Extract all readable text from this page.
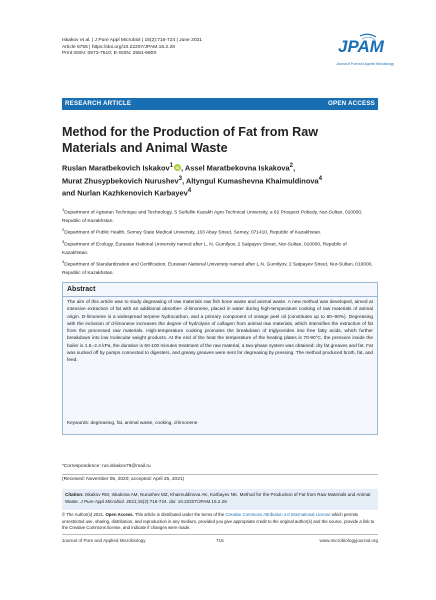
Iskakov et al. | J Pure Appl Microbiol | 15(2):716-724 | June 2021
Article 6755 | https://doi.org/10.22207/JPAM.15.2.28
Print ISSN: 0973-7510; E-ISSN: 2581-690X	JPAM
Journal of Pure and Applied Microbiology
RESEARCH ARTICLE	OPEN ACCESS
Method for the Production of Fat from Raw Materials and Animal Waste
Ruslan Maratbekovich Iskakov$^1$ iD , Assel Maratbekovna Iskakova$^2$,
Murat Zhusypbekovich Nurushev$^3$, Altyngul Kumashevna Khaimuldinova$^4$
and Nurlan Kazhkenovich Karbayev$^4$

$^1$Department of Agrarian Technique and Technology, S Seifullin Kazakh Agro Technical University, a 62 Prospect Pobedy, Nur-Sultan, 010000, Republic of Kazakhstan.

$^2$Department of Public Health, Semey State Medical University, 103 Abay Street, Semey, 071410, Republic of Kazakhstan.

$^3$Department of Ecology, Eurasian National University named after L. N. Gumilyov, 2 Satpayev Street, Nur-Sultan, 010000, Republic of Kazakhstan.

$^4$Department of Standardization and Certification, Eurasian National University named after L.N. Gumilyov, 2 Satpayev Street, Nur-Sultan, 010000, Republic of Kazakhstan.

Abstract

The aim of this article was to study degreasing of raw materials raw fish bone waste and animal waste. A new method was developed, aimed at intensive extraction of fat with an additional absorber- d-limonene, placed in water during high-temperature cooking of raw materials of animal origin. D-limonene is a widespread terpene hydrocarbon, and a primary component of orange peel oil (constitutes up to 80–90%). Degreasing with the inclusion of d-limonene increases the degree of hydrolysis of collagen from animal raw materials, which intensifies the extraction of fat from the processed raw materials. High-temperature cooking promotes the breakdown of triglycerides into free fatty acids, which further breakdown into low molecular weight products. At the end of the heat the temperature of the heating plates is 70-90°C, the pressure inside the boiler is 1.6,-2.4 kPa, the duration is 60-100 minutes treatment of the raw material, a two-phase system was obtained: dry fat greaves and fat. Fat was sucked off by pumps connected to digesters, and greasy greaves were sent for degreasing by pressing. The method produced broth, fat, and feed.

Keywords: degreasing, fat, animal waste, cooking, d-limonene
*Correspondence: rus.iskakov79@mail.ru
(Received: November 05, 2020; accepted: April 25, 2021)
Citation: Iskakov RM, Iskakova AM, Nurushev MZ, Khaimuldinova AK, Karbayev NK. Method for the Production of Fat from Raw Materials and Animal Waste. J Pure Appl Microbiol. 2021;15(2):716-724. doi: 10.22207/JPAM.15.2.28
© The Author(s) 2021. Open Access. This article is distributed under the terms of the Creative Commons Attribution 4.0 International License which permits unrestricted use, sharing, distribution, and reproduction in any medium, provided you give appropriate credit to the original author(s) and the source, provide a link to the Creative Commons license, and indicate if changes were made.
Journal of Pure and Applied Microbiology	716	www.microbiologyjournal.org
